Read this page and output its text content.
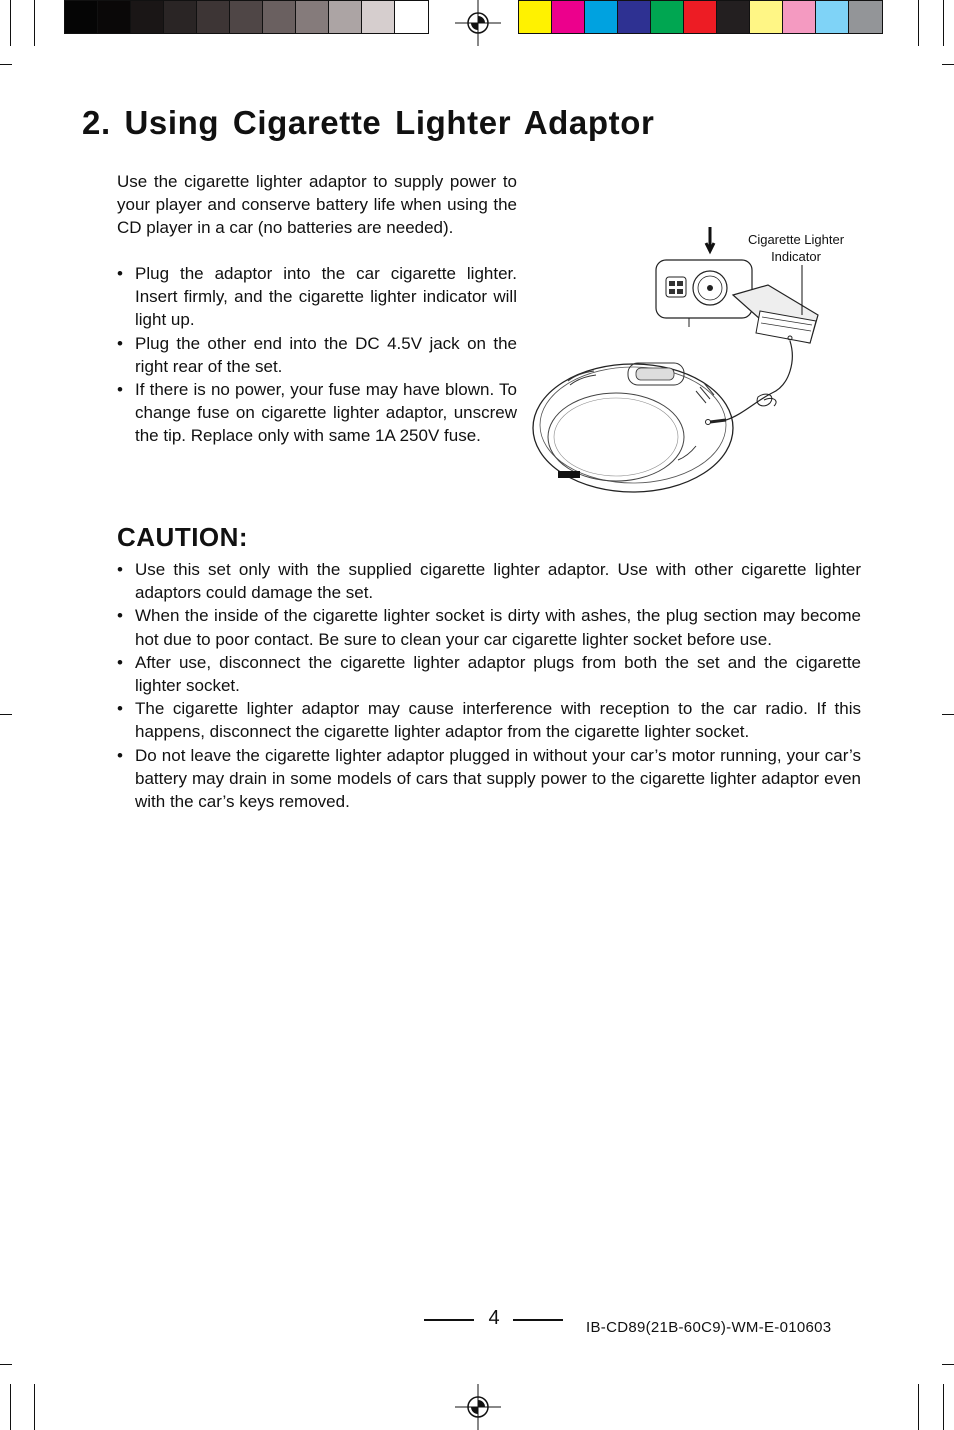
2. Using Cigarette Lighter Adaptor

Use the cigarette lighter adaptor to supply power to your player and conserve battery life when using the CD player in a car (no batteries are needed).

• Plug the adaptor into the car cigarette lighter. Insert firmly, and the cigarette lighter indicator will light up.
• Plug the other end into the DC 4.5V jack on the right rear of the set.
• If there is no power, your fuse may have blown. To change fuse on cigarette lighter adaptor, unscrew the tip. Replace only with same 1A 250V fuse.
Cigarette Lighter
Indicator
CAUTION:
• Use this set only with the supplied cigarette lighter adaptor. Use with other cigarette lighter adaptors could damage the set.
• When the inside of the cigarette lighter socket is dirty with ashes, the plug section may become hot due to poor contact. Be sure to clean your car cigarette lighter socket before use.
• After use, disconnect the cigarette lighter adaptor plugs from both the set and the cigarette lighter socket.
• The cigarette lighter adaptor may cause interference with reception to the car radio. If this happens, disconnect the cigarette lighter adaptor from the cigarette lighter socket.
• Do not leave the cigarette lighter adaptor plugged in without your car’s motor running, your car’s battery may drain in some models of cars that supply power to the cigarette lighter adaptor even with the car’s keys removed.
4	IB-CD89(21B-60C9)-WM-E-010603
